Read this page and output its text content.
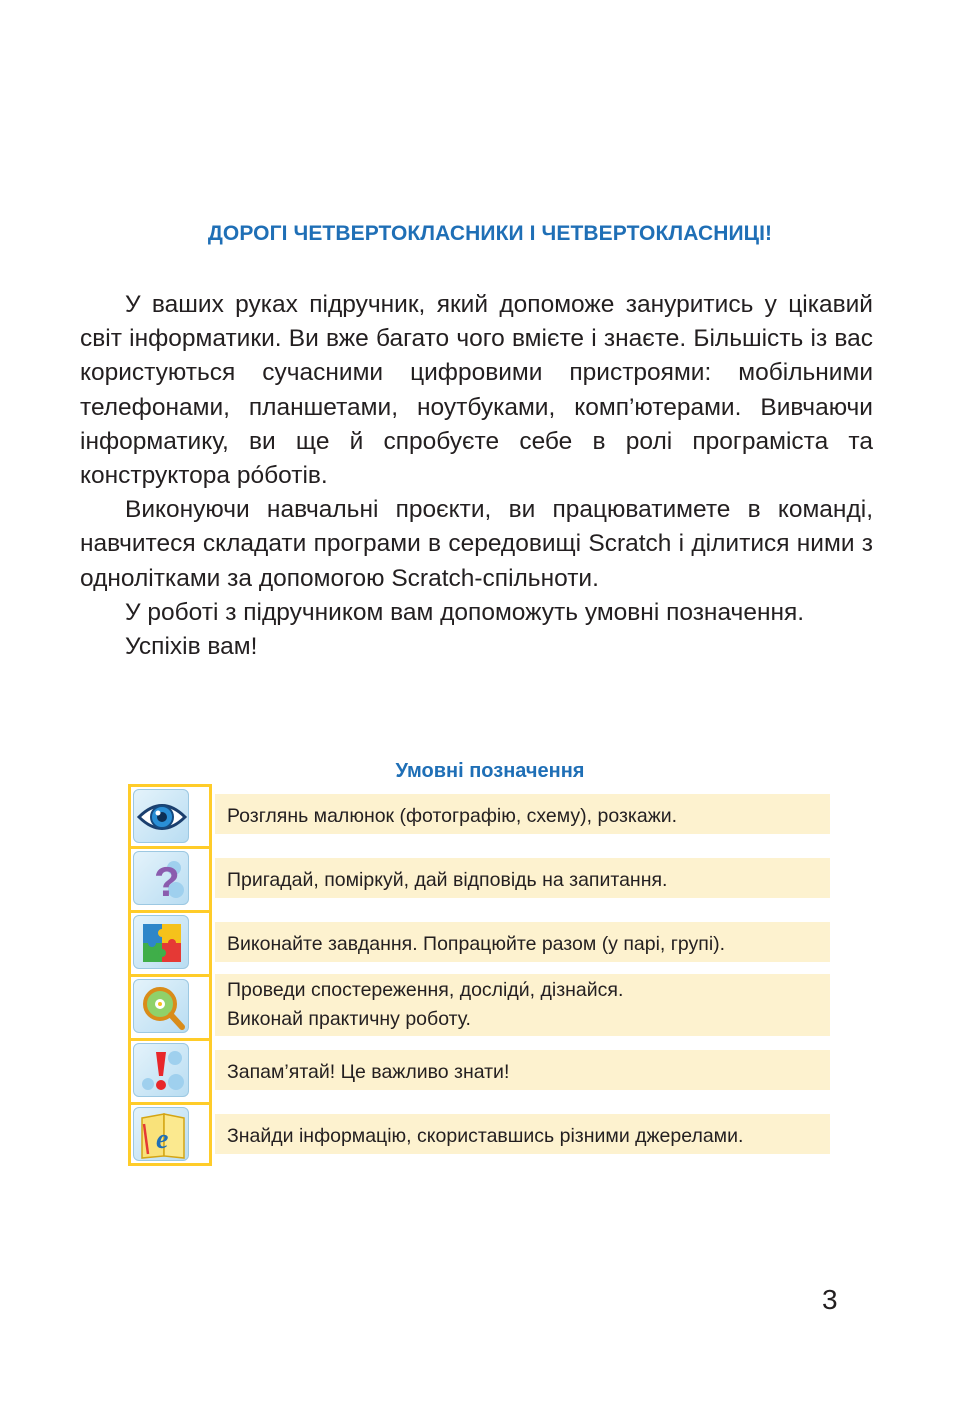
ДОРОГІ ЧЕТВЕРТОКЛАСНИКИ І ЧЕТВЕРТОКЛАСНИЦІ!

У ваших руках підручник, який допоможе зануритись у цікавий світ інформатики. Ви вже багато чого вмієте і знаєте. Більшість із вас користуються сучасними цифровими пристроями: мобільними телефонами, планшетами, ноутбуками, комп’ютерами. Вивчаючи інформатику, ви ще й спробуєте себе в ролі програміста та конструктора ро́ботів.

Виконуючи навчальні проєкти, ви працюватимете в команді, навчитеся складати програми в середовищі Scratch і ділитися ними з однолітками за допомогою Scratch-спільноти.

У роботі з підручником вам допоможуть умовні позначення.

Успіхів вам!

Умовні позначення
Розглянь малюнок (фотографію, схему), розкажи.
?	Пригадай, поміркуй, дай відповідь на запитання.
Виконайте завдання. Попрацюйте разом (у парі, групі).
Проведи спостереження, досліди́, дізнайся.
Виконай практичну роботу.
Запам’ятай! Це важливо знати!
e	Знайди інформацію, скориставшись різними джерелами.
3
